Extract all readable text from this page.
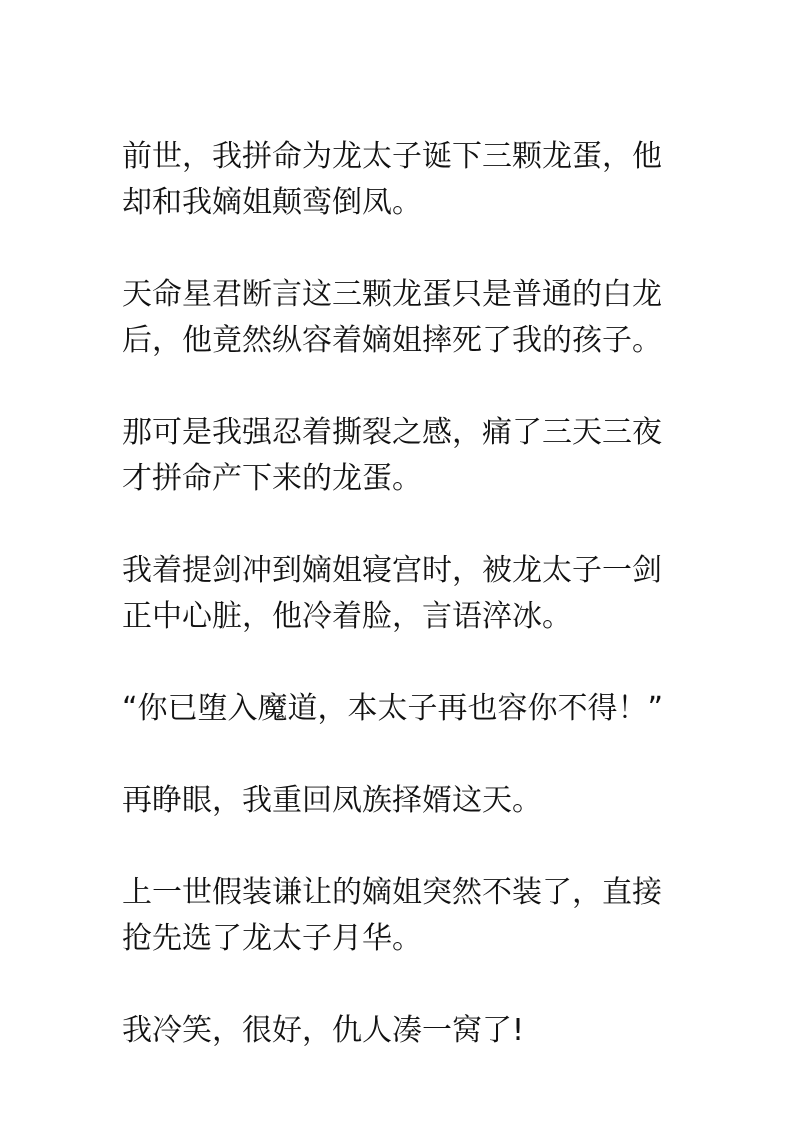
前世，我拼命为龙太子诞下三颗龙蛋，他却和我嫡姐颠鸾倒凤。

天命星君断言这三颗龙蛋只是普通的白龙后，他竟然纵容着嫡姐摔死了我的孩子。

那可是我强忍着撕裂之感，痛了三天三夜才拼命产下来的龙蛋。

我着提剑冲到嫡姐寝宫时，被龙太子一剑正中心脏，他冷着脸，言语淬冰。

“你已堕入魔道，本太子再也容你不得！”

再睁眼，我重回凤族择婿这天。

上一世假装谦让的嫡姐突然不装了，直接抢先选了龙太子月华。

我冷笑，很好，仇人凑一窝了!
